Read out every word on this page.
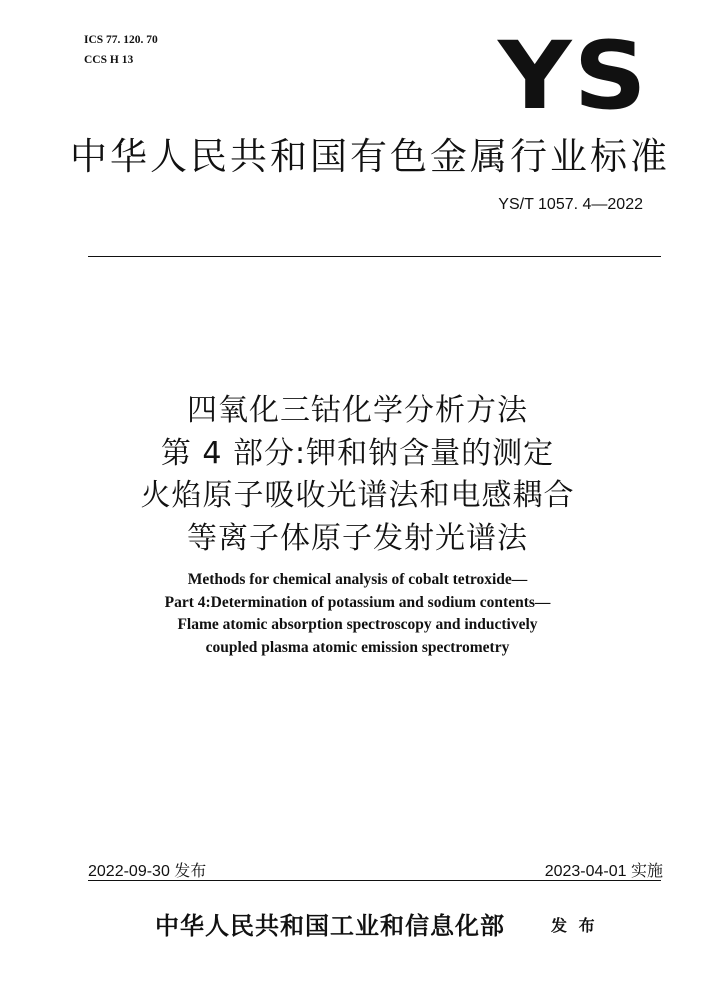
ICS 77. 120. 70
CCS H 13	YS
中华人民共和国有色金属行业标准
YS/T 1057. 4—2022
四氧化三钴化学分析方法
第 4 部分:钾和钠含量的测定
火焰原子吸收光谱法和电感耦合
等离子体原子发射光谱法
Methods for chemical analysis of cobalt tetroxide—
Part 4:Determination of potassium and sodium contents—
Flame atomic absorption spectroscopy and inductively
coupled plasma atomic emission spectrometry
2022-09-30 发布	2023-04-01 实施
中华人民共和国工业和信息化部	发 布
